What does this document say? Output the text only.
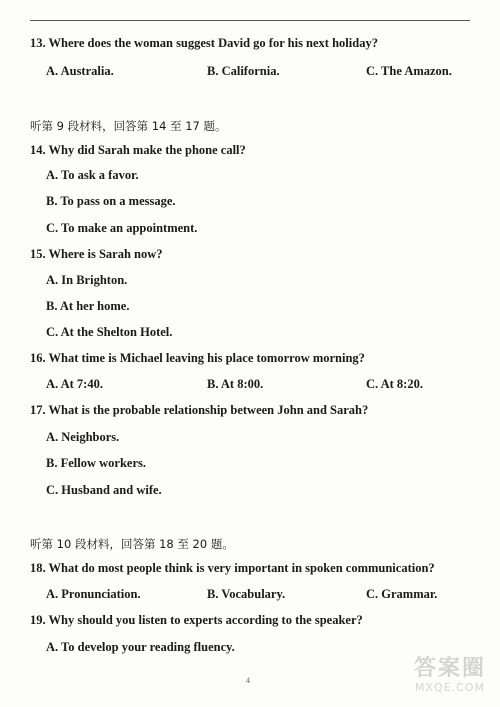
13. Where does the woman suggest David go for his next holiday?
A. Australia.	B. California.	C. The Amazon.
听第 9 段材料，回答第 14 至 17 题。
14. Why did Sarah make the phone call?
A. To ask a favor.
B. To pass on a message.
C. To make an appointment.
15. Where is Sarah now?
A. In Brighton.
B. At her home.
C. At the Shelton Hotel.
16. What time is Michael leaving his place tomorrow morning?
A. At 7:40.	B. At 8:00.	C. At 8:20.
17. What is the probable relationship between John and Sarah?
A. Neighbors.
B. Fellow workers.
C. Husband and wife.
听第 10 段材料，回答第 18 至 20 题。
18. What do most people think is very important in spoken communication?
A. Pronunciation.	B. Vocabulary.	C. Grammar.
19. Why should you listen to experts according to the speaker?
A. To develop your reading fluency.
4	答案圈
MXQE.COM
